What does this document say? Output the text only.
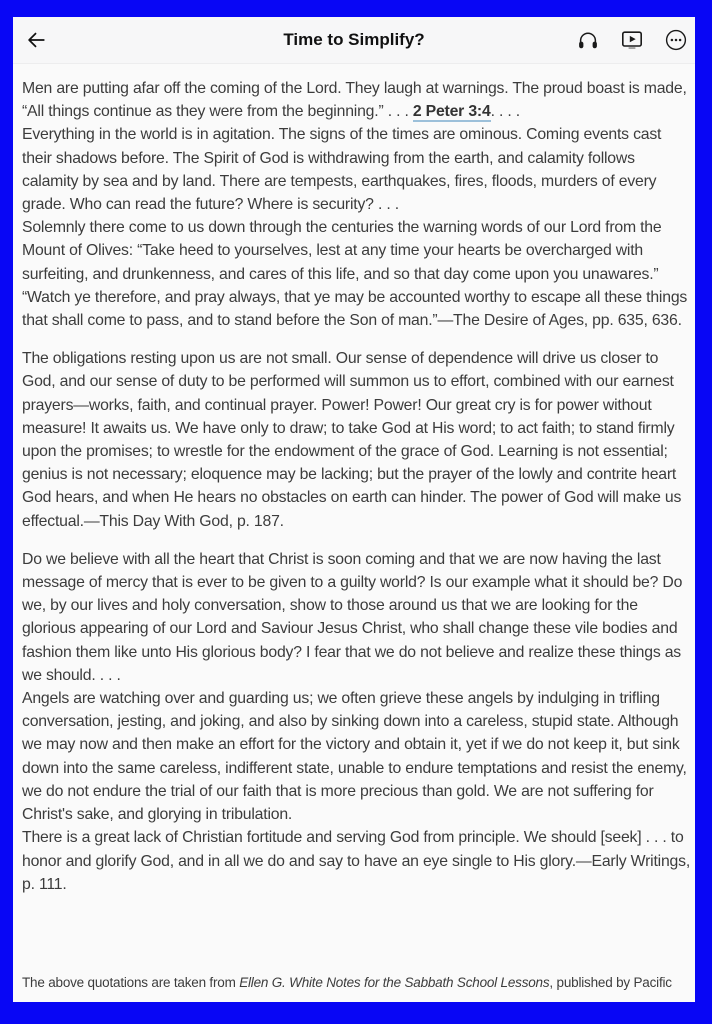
Time to Simplify?

Men are putting afar off the coming of the Lord. They laugh at warnings. The proud boast is made, “All things continue as they were from the beginning.” . . . 2 Peter 3:4. . . .

Everything in the world is in agitation. The signs of the times are ominous. Coming events cast their shadows before. The Spirit of God is withdrawing from the earth, and calamity follows calamity by sea and by land. There are tempests, earthquakes, fires, floods, murders of every grade. Who can read the future? Where is security? . . .

Solemnly there come to us down through the centuries the warning words of our Lord from the Mount of Olives: “Take heed to yourselves, lest at any time your hearts be overcharged with surfeiting, and drunkenness, and cares of this life, and so that day come upon you unawares.” “Watch ye therefore, and pray always, that ye may be accounted worthy to escape all these things that shall come to pass, and to stand before the Son of man.”—The Desire of Ages, pp. 635, 636.

The obligations resting upon us are not small. Our sense of dependence will drive us closer to God, and our sense of duty to be performed will summon us to effort, combined with our earnest prayers—works, faith, and continual prayer. Power! Power! Our great cry is for power without measure! It awaits us. We have only to draw; to take God at His word; to act faith; to stand firmly upon the promises; to wrestle for the endowment of the grace of God. Learning is not essential; genius is not necessary; eloquence may be lacking; but the prayer of the lowly and contrite heart God hears, and when He hears no obstacles on earth can hinder. The power of God will make us effectual.—This Day With God, p. 187.

Do we believe with all the heart that Christ is soon coming and that we are now having the last message of mercy that is ever to be given to a guilty world? Is our example what it should be? Do we, by our lives and holy conversation, show to those around us that we are looking for the glorious appearing of our Lord and Saviour Jesus Christ, who shall change these vile bodies and fashion them like unto His glorious body? I fear that we do not believe and realize these things as we should. . . .

Angels are watching over and guarding us; we often grieve these angels by indulging in trifling conversation, jesting, and joking, and also by sinking down into a careless, stupid state. Although we may now and then make an effort for the victory and obtain it, yet if we do not keep it, but sink down into the same careless, indifferent state, unable to endure temptations and resist the enemy, we do not endure the trial of our faith that is more precious than gold. We are not suffering for Christ's sake, and glorying in tribulation.

There is a great lack of Christian fortitude and serving God from principle. We should [seek] . . . to honor and glorify God, and in all we do and say to have an eye single to His glory.—Early Writings, p. 111.

The above quotations are taken from Ellen G. White Notes for the Sabbath School Lessons, published by Pacific
